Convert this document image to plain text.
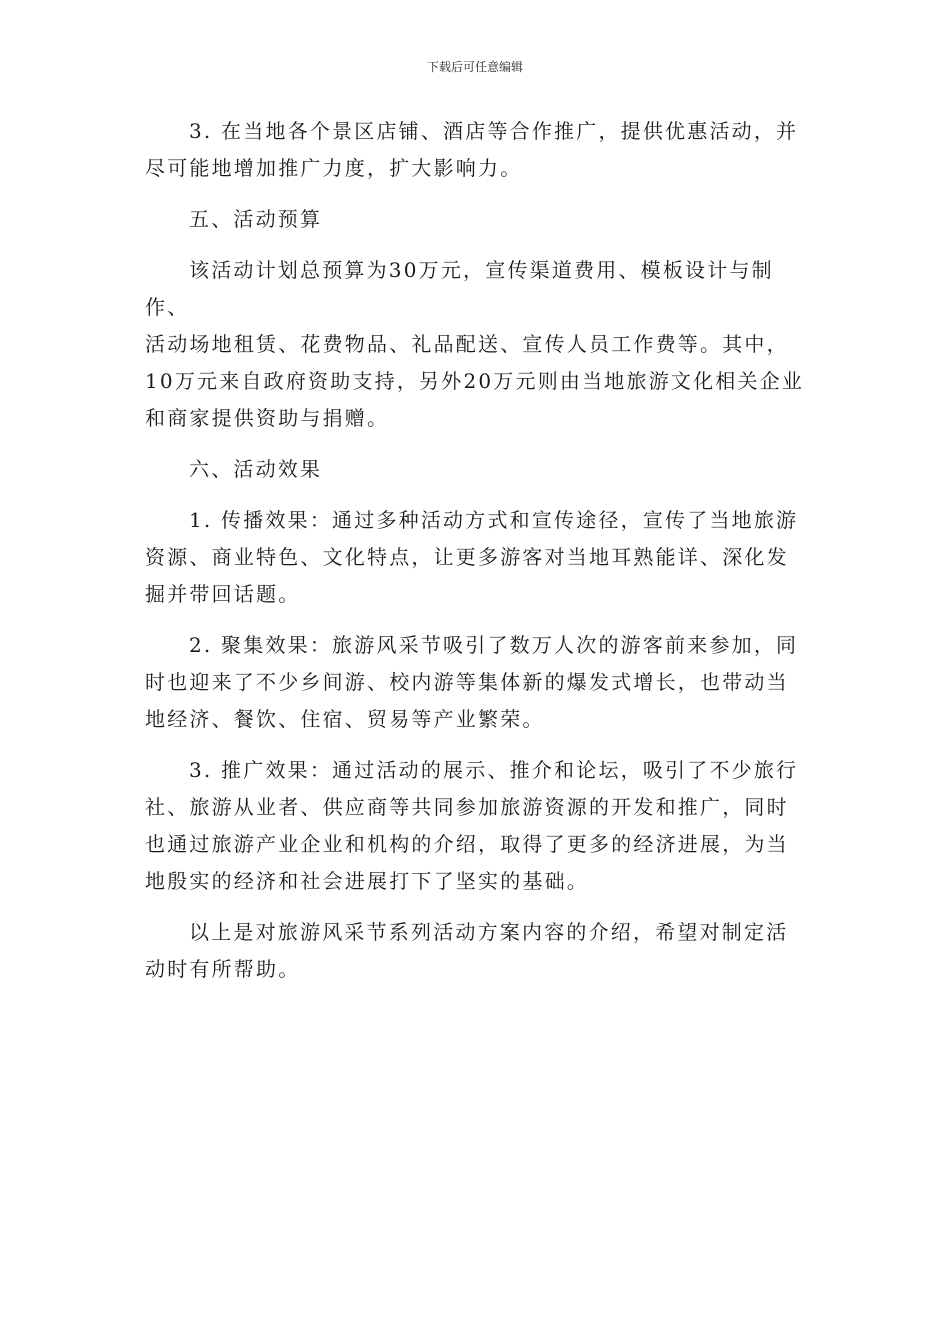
下载后可任意编辑
3. 在当地各个景区店铺、酒店等合作推广，提供优惠活动，并
尽可能地增加推广力度，扩大影响力。
五、活动预算
该活动计划总预算为30万元，宣传渠道费用、模板设计与制作、
活动场地租赁、花费物品、礼品配送、宣传人员工作费等。其中，
10万元来自政府资助支持，另外20万元则由当地旅游文化相关企业
和商家提供资助与捐赠。
六、活动效果
1. 传播效果：通过多种活动方式和宣传途径，宣传了当地旅游
资源、商业特色、文化特点，让更多游客对当地耳熟能详、深化发
掘并带回话题。
2. 聚集效果：旅游风采节吸引了数万人次的游客前来参加，同
时也迎来了不少乡间游、校内游等集体新的爆发式增长，也带动当
地经济、餐饮、住宿、贸易等产业繁荣。
3. 推广效果：通过活动的展示、推介和论坛，吸引了不少旅行
社、旅游从业者、供应商等共同参加旅游资源的开发和推广，同时
也通过旅游产业企业和机构的介绍，取得了更多的经济进展，为当
地殷实的经济和社会进展打下了坚实的基础。
以上是对旅游风采节系列活动方案内容的介绍，希望对制定活
动时有所帮助。
